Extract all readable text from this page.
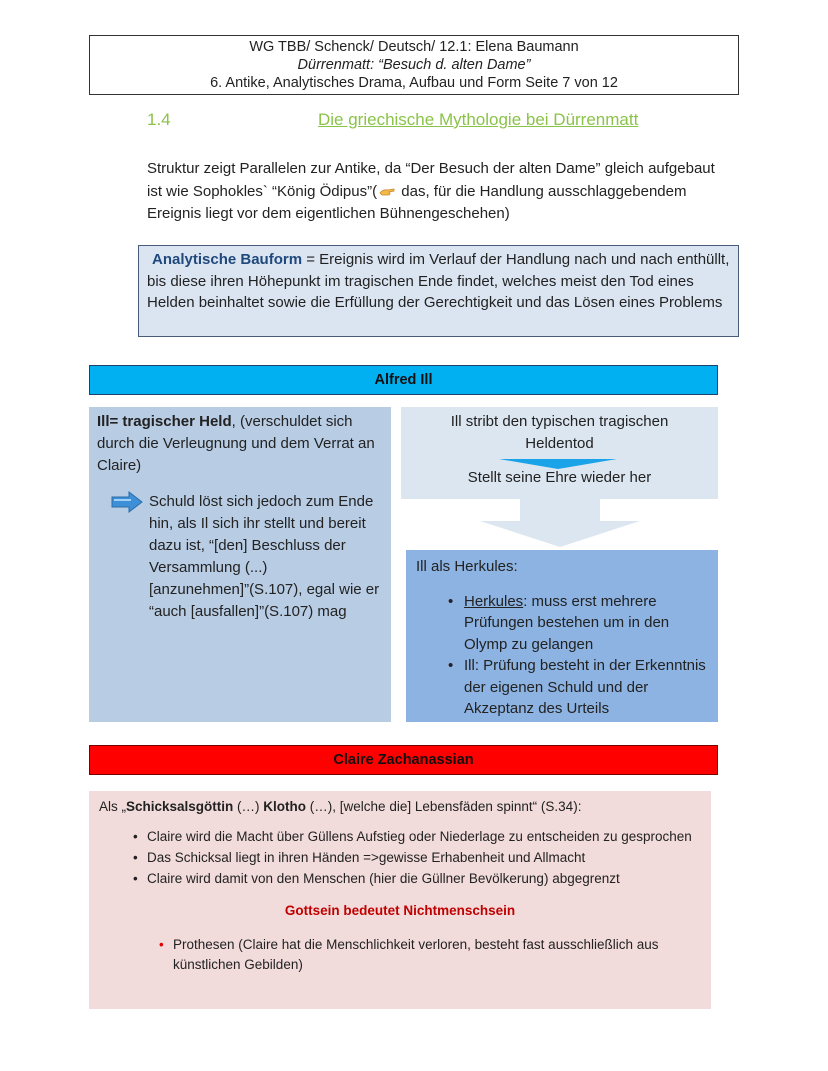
WG TBB/ Schenck/ Deutsch/ 12.1: Elena Baumann
Dürrenmatt: “Besuch d. alten Dame”
6. Antike, Analytisches Drama, Aufbau und Form Seite 7 von 12
1.4	Die griechische Mythologie bei Dürrenmatt

Struktur zeigt Parallelen zur Antike, da “Der Besuch der alten Dame” gleich aufgebaut ist wie Sophokles` “König Ödipus”( das, für die Handlung ausschlaggebendem Ereignis liegt vor dem eigentlichen Bühnengeschehen)

Analytische Bauform = Ereignis wird im Verlauf der Handlung nach und nach enthüllt, bis diese ihren Höhepunkt im tragischen Ende findet, welches meist den Tod eines Helden beinhaltet sowie die Erfüllung der Gerechtigkeit und das Lösen eines Problems
Alfred Ill
Ill= tragischer Held, (verschuldet sich durch die Verleugnung und dem Verrat an Claire)
Schuld löst sich jedoch zum Ende hin, als Il sich ihr stellt und bereit dazu ist, “[den] Beschluss der Versammlung (...) [anzunehmen]”(S.107), egal wie er “auch [ausfallen]”(S.107) mag
Ill stribt den typischen tragischen Heldentod
Stellt seine Ehre wieder her
Ill als Herkules:
• Herkules: muss erst mehrere Prüfungen bestehen um in den Olymp zu gelangen
• Ill: Prüfung besteht in der Erkenntnis der eigenen Schuld und der Akzeptanz des Urteils
Claire Zachanassian
Als „Schicksalsgöttin (…) Klotho (…), [welche die] Lebensfäden spinnt“ (S.34):
• Claire wird die Macht über Güllens Aufstieg oder Niederlage zu entscheiden zu gesprochen
• Das Schicksal liegt in ihren Händen =>gewisse Erhabenheit und Allmacht
• Claire wird damit von den Menschen (hier die Güllner Bevölkerung) abgegrenzt
Gottsein bedeutet Nichtmenschsein
• Prothesen (Claire hat die Menschlichkeit verloren, besteht fast ausschließlich aus künstlichen Gebilden)
